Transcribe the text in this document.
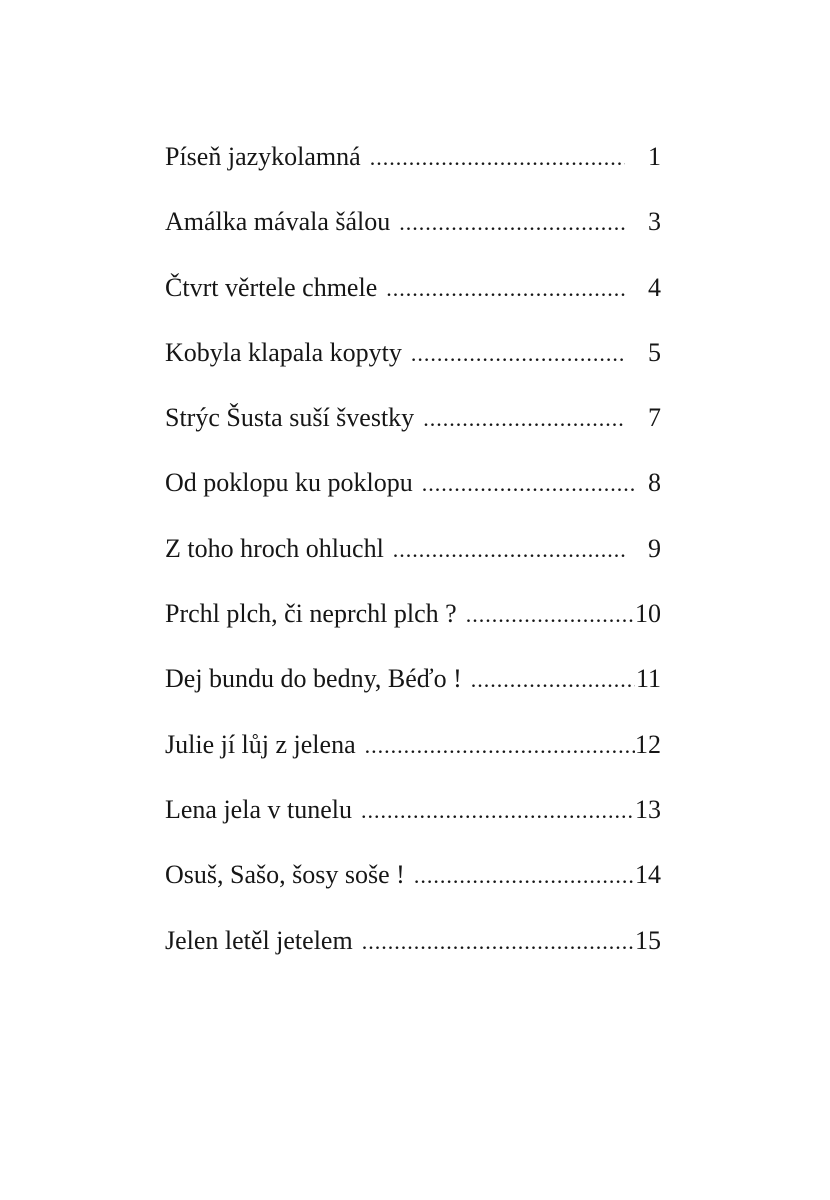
Píseň jazykolamná .....	1
Amálka mávala šálou .....	3
Čtvrt věrtele chmele .....	4
Kobyla klapala kopyty .....	5
Strýc Šusta suší švestky .....	7
Od poklopu ku poklopu .....	8
Z toho hroch ohluchl .....	9
Prchl plch, či neprchl plch ? .....	10
Dej bundu do bedny, Béďo ! .....	11
Julie jí lůj z jelena .....	12
Lena jela v tunelu .....	13
Osuš, Sašo, šosy soše ! .....	14
Jelen letěl jetelem .....	15
